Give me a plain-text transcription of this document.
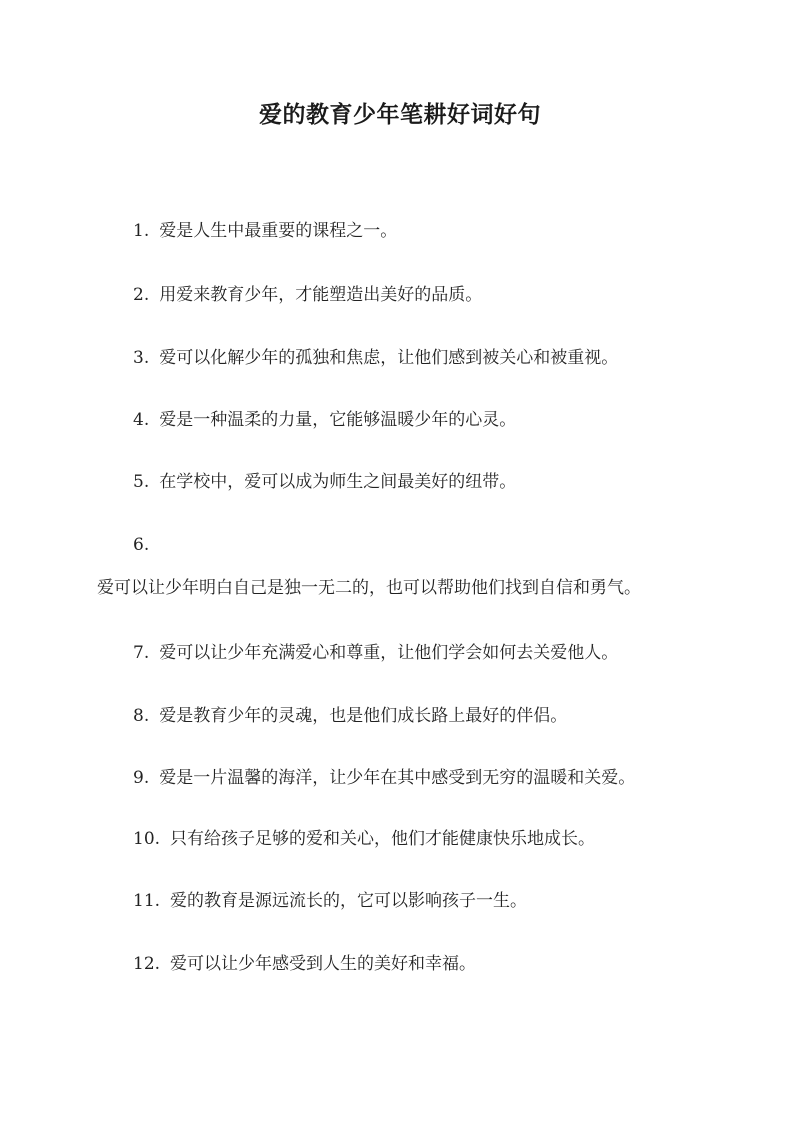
爱的教育少年笔耕好词好句
1. 爱是人生中最重要的课程之一。
2. 用爱来教育少年，才能塑造出美好的品质。
3. 爱可以化解少年的孤独和焦虑，让他们感到被关心和被重视。
4. 爱是一种温柔的力量，它能够温暖少年的心灵。
5. 在学校中，爱可以成为师生之间最美好的纽带。
6.
爱可以让少年明白自己是独一无二的，也可以帮助他们找到自信和勇气。
7. 爱可以让少年充满爱心和尊重，让他们学会如何去关爱他人。
8. 爱是教育少年的灵魂，也是他们成长路上最好的伴侣。
9. 爱是一片温馨的海洋，让少年在其中感受到无穷的温暖和关爱。
10. 只有给孩子足够的爱和关心，他们才能健康快乐地成长。
11. 爱的教育是源远流长的，它可以影响孩子一生。
12. 爱可以让少年感受到人生的美好和幸福。
